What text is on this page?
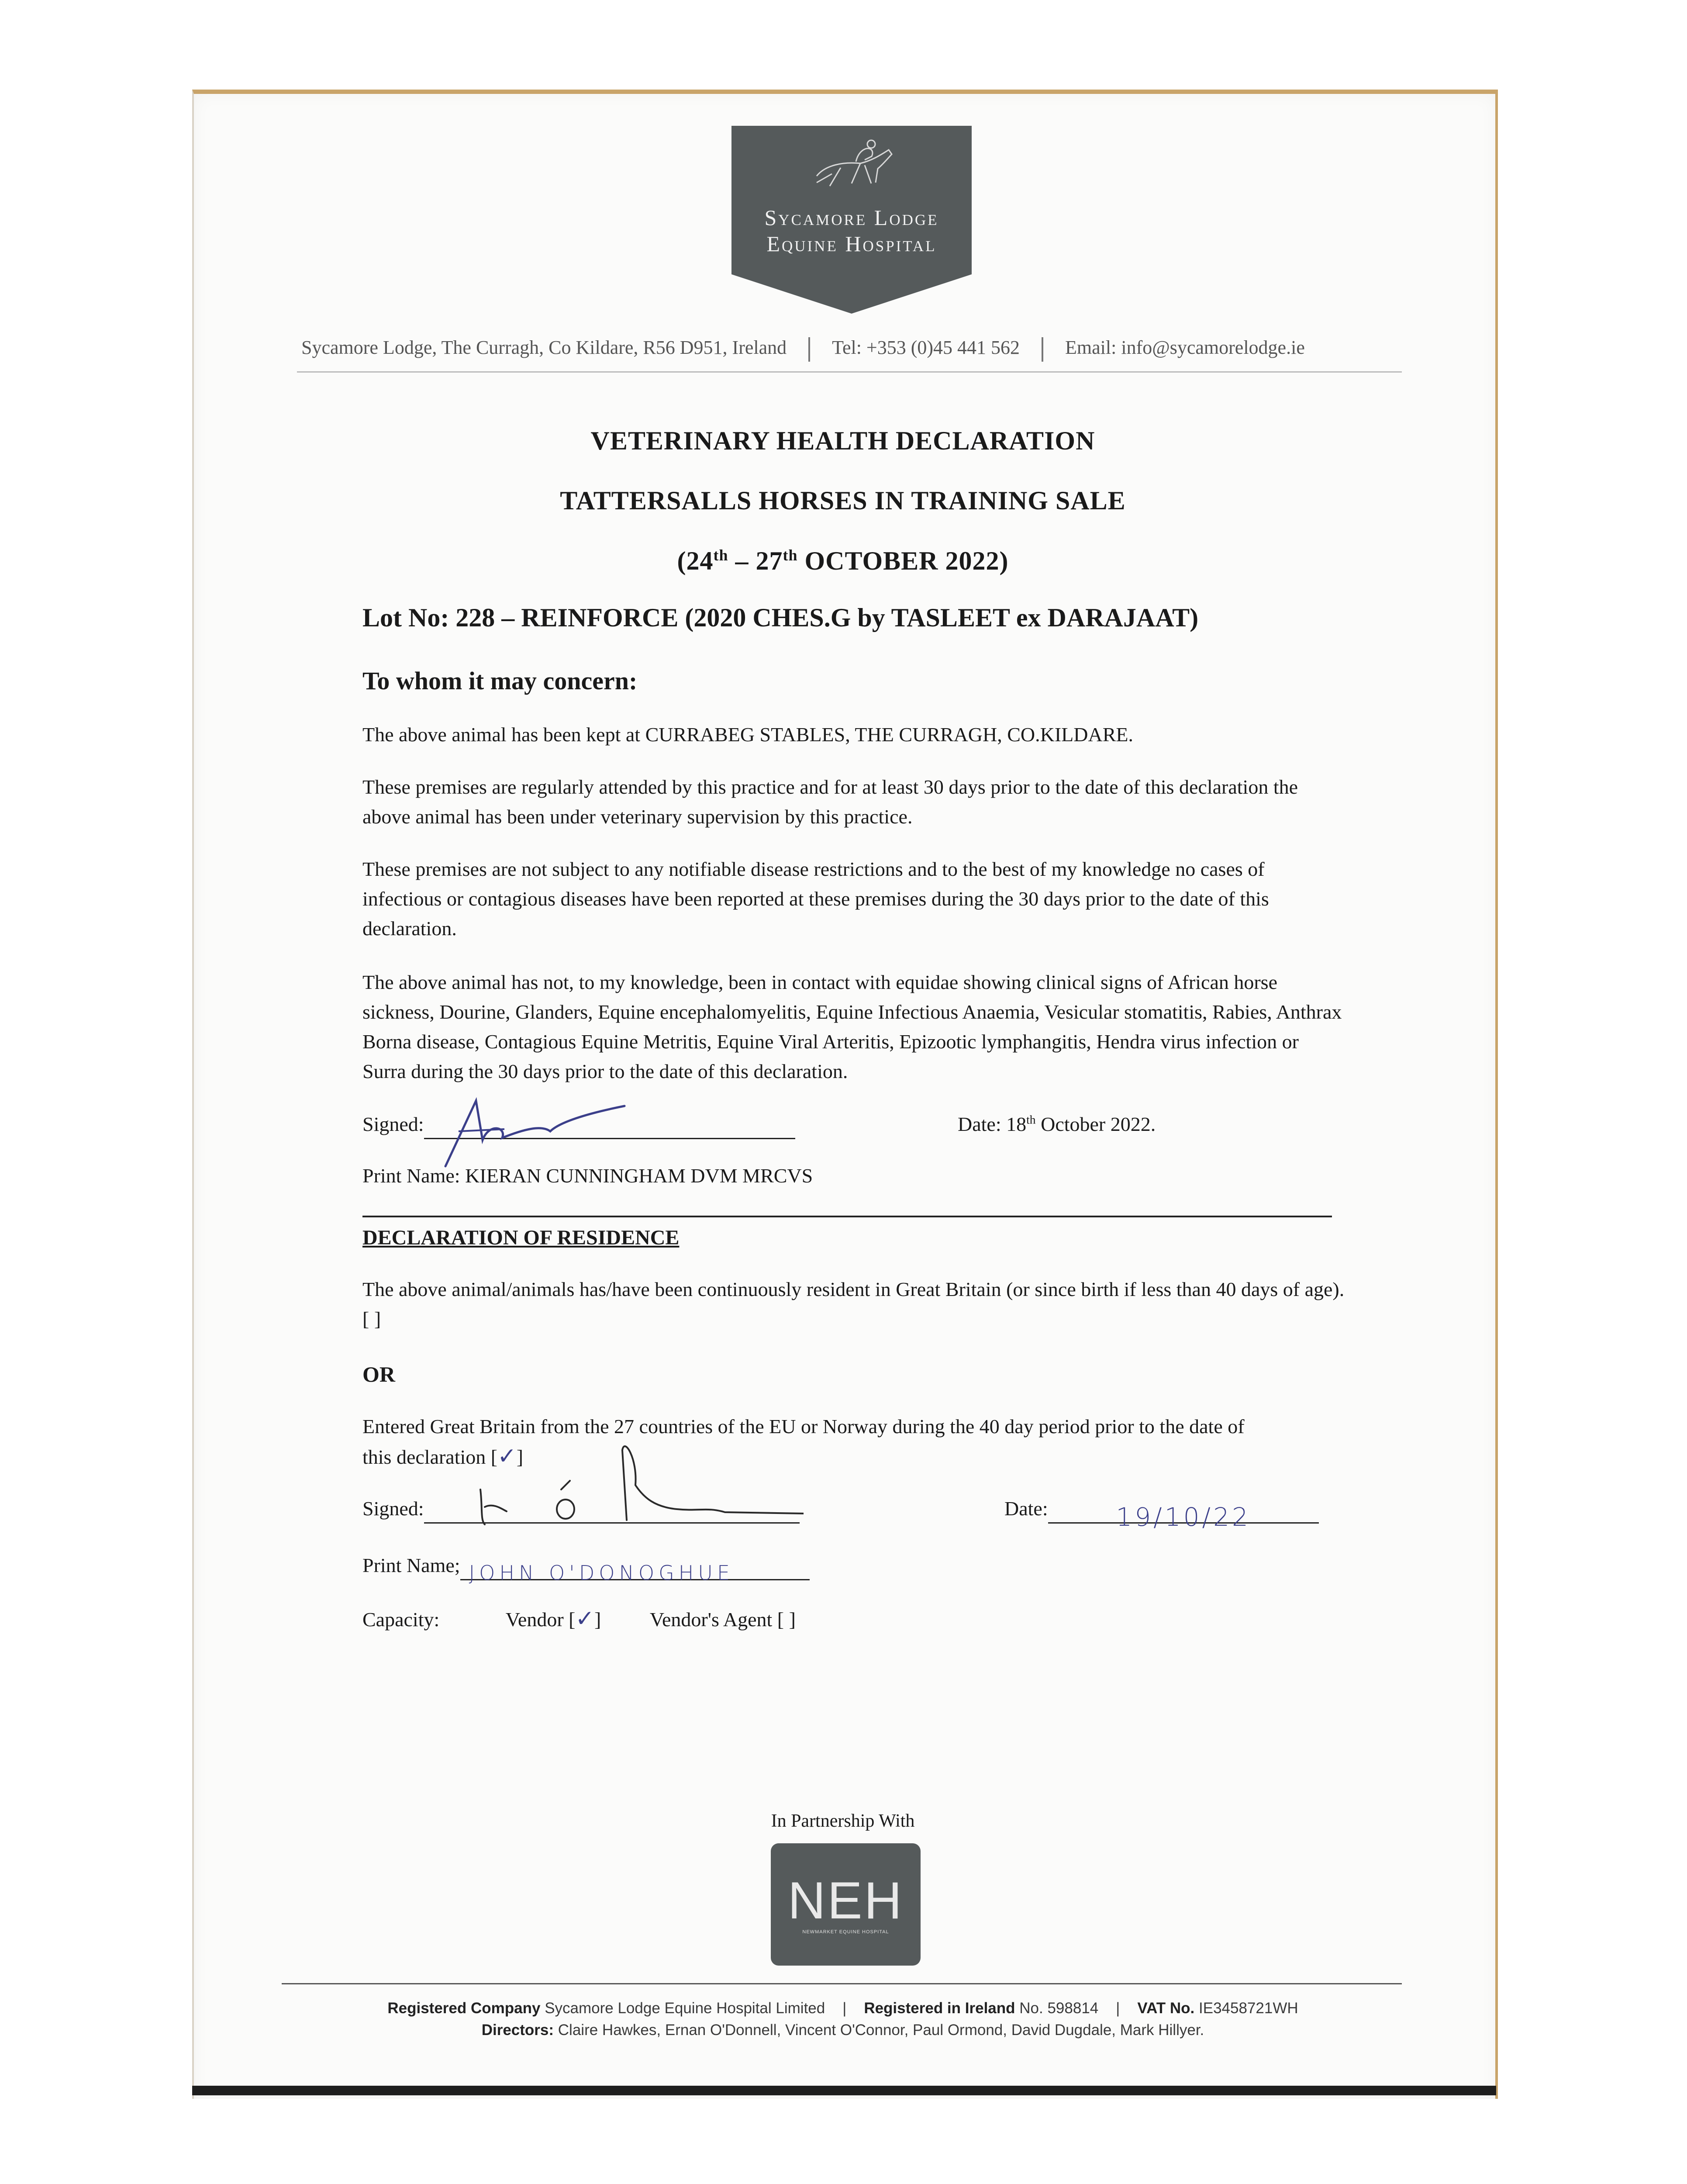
Sycamore Lodge
Equine Hospital
Sycamore Lodge, The Curragh, Co Kildare, R56 D951, Ireland Tel: +353 (0)45 441 562 Email: info@sycamorelodge.ie
VETERINARY HEALTH DECLARATION
TATTERSALLS HORSES IN TRAINING SALE
(24th – 27th OCTOBER 2022)
Lot No: 228 – REINFORCE (2020 CHES.G by TASLEET ex DARAJAAT)
To whom it may concern:
The above animal has been kept at CURRABEG STABLES, THE CURRAGH, CO.KILDARE.
These premises are regularly attended by this practice and for at least 30 days prior to the date of this declaration the above animal has been under veterinary supervision by this practice.
These premises are not subject to any notifiable disease restrictions and to the best of my knowledge no cases of infectious or contagious diseases have been reported at these premises during the 30 days prior to the date of this declaration.
The above animal has not, to my knowledge, been in contact with equidae showing clinical signs of African horse sickness, Dourine, Glanders, Equine encephalomyelitis, Equine Infectious Anaemia, Vesicular stomatitis, Rabies, Anthrax Borna disease, Contagious Equine Metritis, Equine Viral Arteritis, Epizootic lymphangitis, Hendra virus infection or Surra during the 30 days prior to the date of this declaration.
Signed:	Date: 18th October 2022.
Print Name: KIERAN CUNNINGHAM DVM MRCVS
DECLARATION OF RESIDENCE
The above animal/animals has/have been continuously resident in Great Britain (or since birth if less than 40 days of age). [ ]
OR
Entered Great Britain from the 27 countries of the EU or Norway during the 40 day period prior to the date of
this declaration [✓]
Signed:	Date:	19/10/22
Print Name; JOHN O'DONOGHUE
Capacity:	Vendor [✓] Vendor's Agent [ ]
In Partnership With
NEH
NEWMARKET EQUINE HOSPITAL
Registered Company Sycamore Lodge Equine Hospital Limited | Registered in Ireland No. 598814 | VAT No. IE3458721WH
Directors: Claire Hawkes, Ernan O'Donnell, Vincent O'Connor, Paul Ormond, David Dugdale, Mark Hillyer.
